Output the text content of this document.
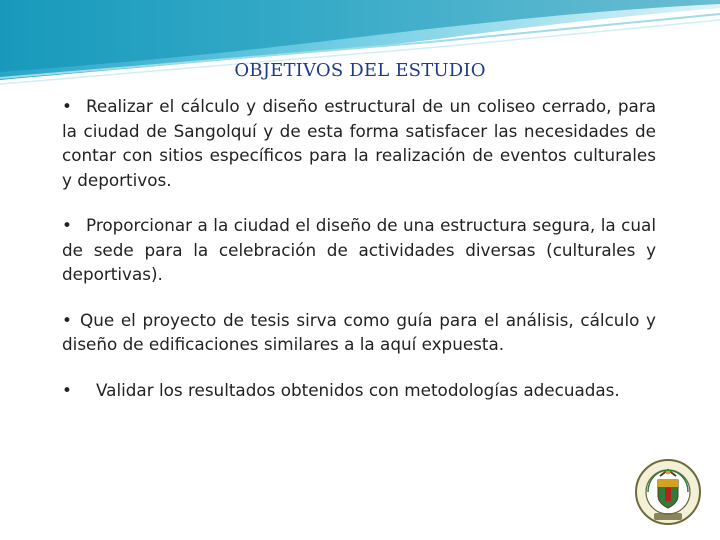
OBJETIVOS DEL ESTUDIO

• Realizar el cálculo y diseño estructural de un coliseo cerrado, para la ciudad de Sangolquí y de esta forma satisfacer las necesidades de contar con sitios específicos para la realización de eventos culturales y deportivos.

• Proporcionar a la ciudad el diseño de una estructura segura, la cual de sede para la celebración de actividades diversas (culturales y deportivas).

• Que el proyecto de tesis sirva como guía para el análisis, cálculo y diseño de edificaciones similares a la aquí expuesta.

• Validar los resultados obtenidos con metodologías adecuadas.
